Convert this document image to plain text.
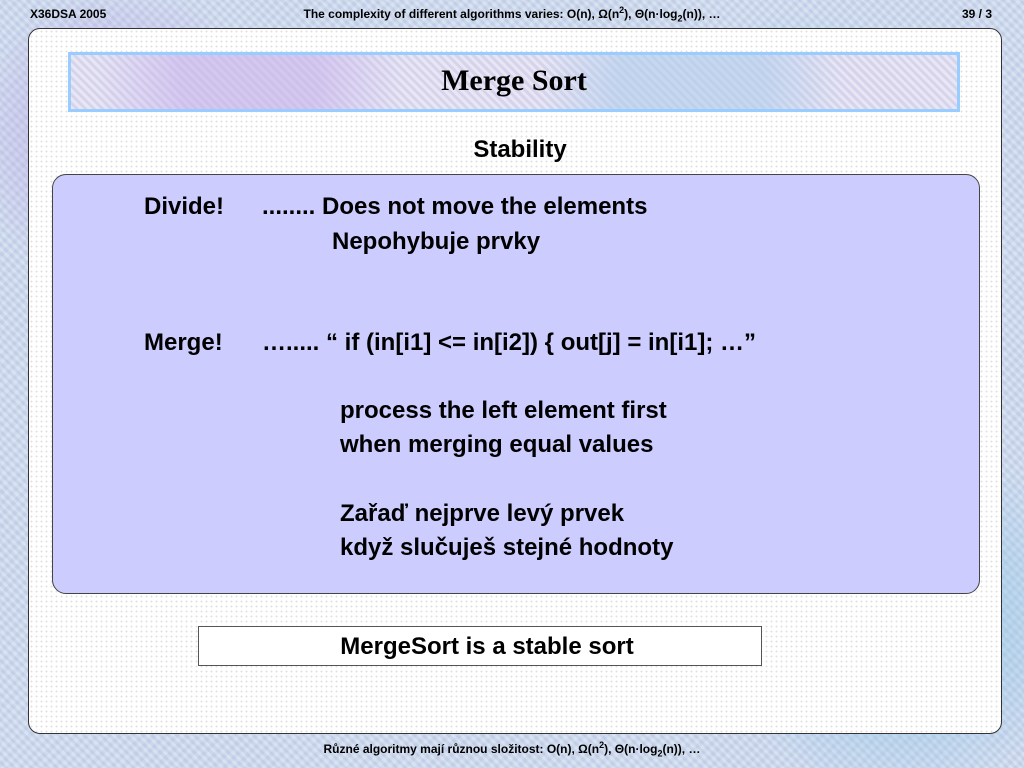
X36DSA 2005	The complexity of different algorithms varies: O(n), $\Omega(n^2)$, $\Theta(n\cdot\log_2(n))$, …	39 / 3
Merge Sort
Stability
Divide! ........ Does not move the elements
Nepohybuje prvky
Merge! …..... “ if (in[i1] <= in[i2]) { out[j] = in[i1]; …”
process the left element first
when merging equal values
Zařaď nejprve levý prvek
když slučuješ stejné hodnoty
MergeSort is a stable sort
Různé algoritmy mají různou složitost: O(n), $\Omega(n^2)$, $\Theta(n\cdot\log_2(n))$, …
